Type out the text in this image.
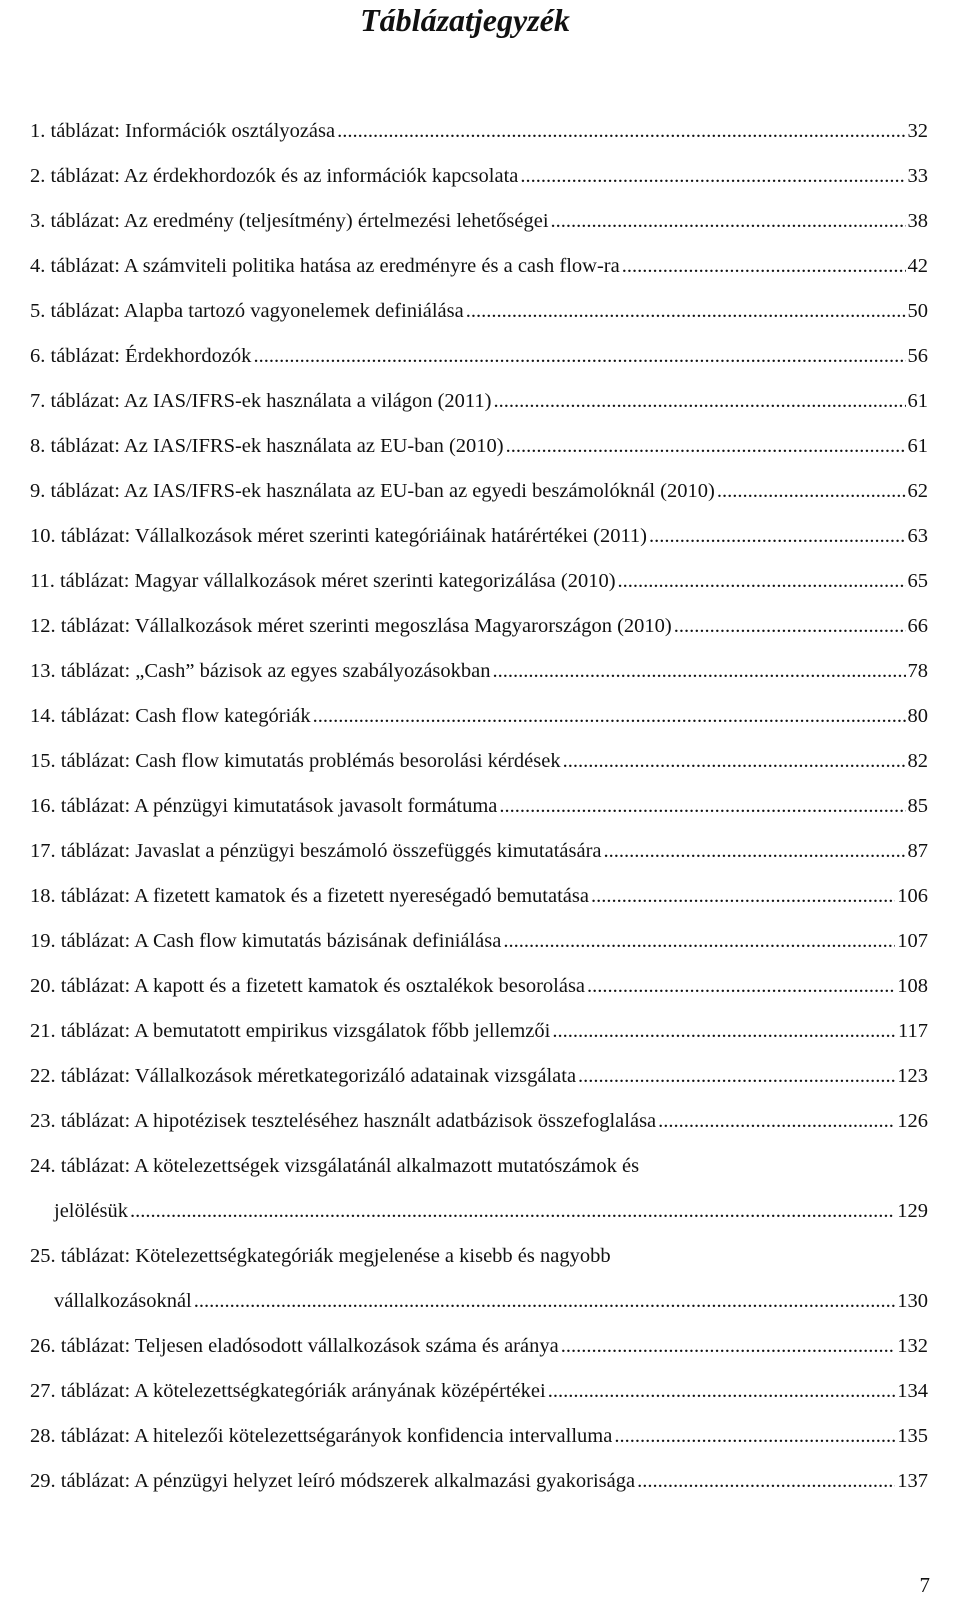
Táblázatjegyzék
1. táblázat: Információk osztályozása .....	32
2. táblázat: Az érdekhordozók és az információk kapcsolata .....	33
3. táblázat: Az eredmény (teljesítmény) értelmezési lehetőségei .....	38
4. táblázat: A számviteli politika hatása az eredményre és a cash flow-ra .....	42
5. táblázat: Alapba tartozó vagyonelemek definiálása .....	50
6. táblázat: Érdekhordozók .....	56
7. táblázat: Az IAS/IFRS-ek használata a világon (2011) .....	61
8. táblázat: Az IAS/IFRS-ek használata az EU-ban (2010) .....	61
9. táblázat: Az IAS/IFRS-ek használata az EU-ban az egyedi beszámolóknál (2010) .....	62
10. táblázat: Vállalkozások méret szerinti kategóriáinak határértékei (2011) .....	63
11. táblázat: Magyar vállalkozások méret szerinti kategorizálása (2010) .....	65
12. táblázat: Vállalkozások méret szerinti megoszlása Magyarországon (2010) .....	66
13. táblázat: „Cash” bázisok az egyes szabályozásokban .....	78
14. táblázat: Cash flow kategóriák .....	80
15. táblázat: Cash flow kimutatás problémás besorolási kérdések .....	82
16. táblázat: A pénzügyi kimutatások javasolt formátuma .....	85
17. táblázat: Javaslat a pénzügyi beszámoló összefüggés kimutatására .....	87
18. táblázat: A fizetett kamatok és a fizetett nyereségadó bemutatása .....	106
19. táblázat: A Cash flow kimutatás bázisának definiálása .....	107
20. táblázat: A kapott és a fizetett kamatok és osztalékok besorolása .....	108
21. táblázat: A bemutatott empirikus vizsgálatok főbb jellemzői .....	117
22. táblázat: Vállalkozások méretkategorizáló adatainak vizsgálata .....	123
23. táblázat: A hipotézisek teszteléséhez használt adatbázisok összefoglalása .....	126
24. táblázat: A kötelezettségek vizsgálatánál alkalmazott mutatószámok és
jelölésük .....	129
25. táblázat: Kötelezettségkategóriák megjelenése a kisebb és nagyobb
vállalkozásoknál .....	130
26. táblázat: Teljesen eladósodott vállalkozások száma és aránya .....	132
27. táblázat: A kötelezettségkategóriák arányának középértékei .....	134
28. táblázat: A hitelezői kötelezettségarányok konfidencia intervalluma .....	135
29. táblázat: A pénzügyi helyzet leíró módszerek alkalmazási gyakorisága .....	137
7
